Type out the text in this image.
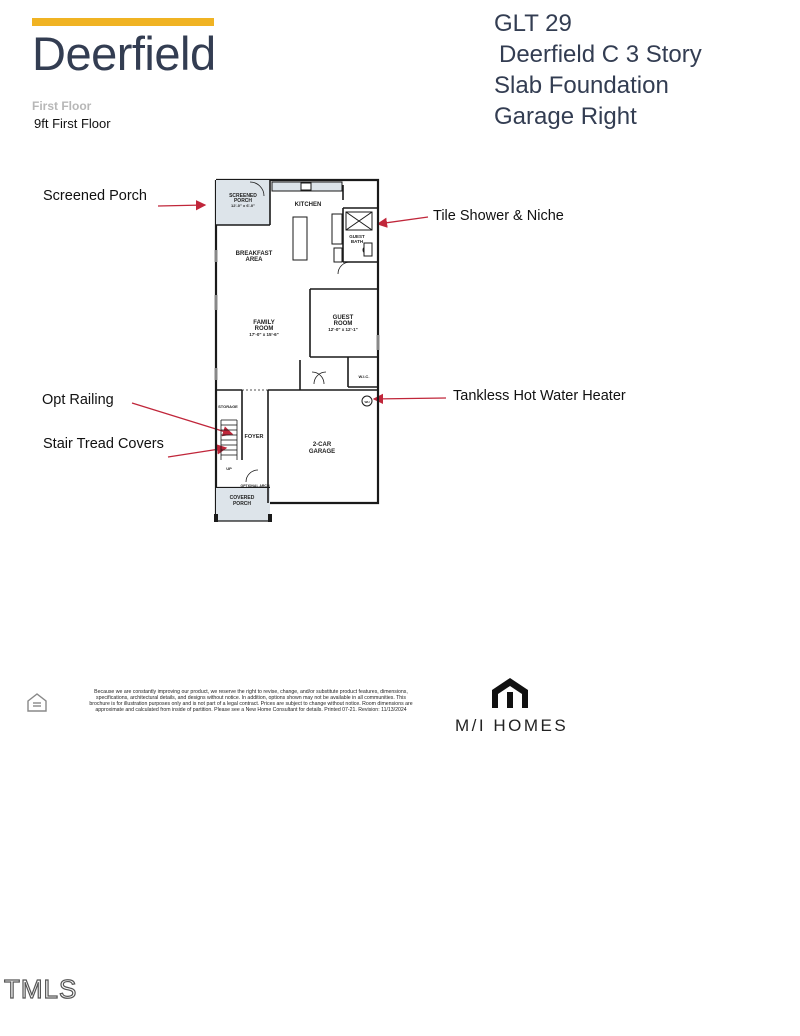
Deerfield
First Floor
9ft First Floor
GLT 29
Deerfield C 3 Story
Slab Foundation
Garage Right
Screened Porch
Tile Shower & Niche
Opt Railing
Stair Tread Covers
Tankless Hot Water Heater
SCREENED
PORCH
12'-0" x 6'-0"	KITCHEN
BREAKFAST
AREA
GUEST
BATH
FAMILY
ROOM
17'-0" x 15'-6"
GUEST
ROOM
12'-0" x 12'-1"
W.I.C.
STORAGE
FOYER
UP
2-CAR
GARAGE
WH
OPTIONAL ARCH
COVERED
PORCH
Because we are constantly improving our product, we reserve the right to revise, change, and/or substitute product features, dimensions, specifications, architectural details, and designs without notice. In addition, options shown may not be available in all communities. This brochure is for illustration purposes only and is not part of a legal contract. Prices are subject to change without notice. Room dimensions are approximate and calculated from inside of partition. Please see a New Home Consultant for details. Printed 07-21. Revision: 11/13/2024
M/I HOMES
TMLS
